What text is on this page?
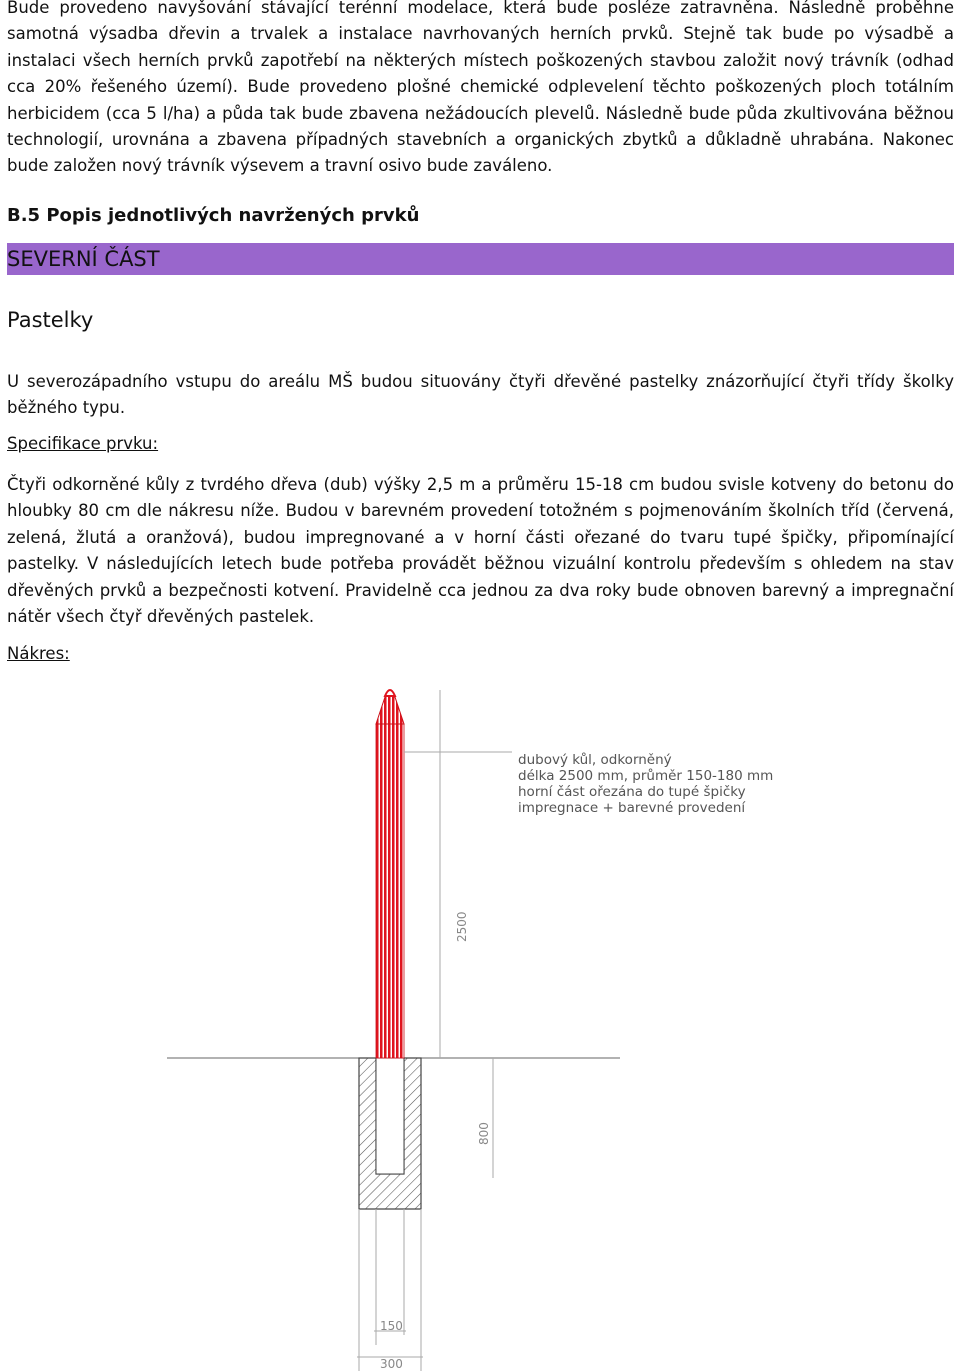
Bude provedeno navyšování stávající terénní modelace, která bude posléze zatravněna. Následně proběhne samotná výsadba dřevin a trvalek a instalace navrhovaných herních prvků. Stejně tak bude po výsadbě a instalaci všech herních prvků zapotřebí na některých místech poškozených stavbou založit nový trávník (odhad cca 20% řešeného území). Bude provedeno plošné chemické odplevelení těchto poškozených ploch totálním herbicidem (cca 5 l/ha) a půda tak bude zbavena nežádoucích plevelů. Následně bude půda zkultivována běžnou technologií, urovnána a zbavena případných stavebních a organických zbytků a důkladně uhrabána. Nakonec bude založen nový trávník výsevem a travní osivo bude zaváleno.

B.5 Popis jednotlivých navržených prvků
SEVERNÍ ČÁST
Pastelky

U severozápadního vstupu do areálu MŠ budou situovány čtyři dřevěné pastelky znázorňující čtyři třídy školky běžného typu.

Specifikace prvku:

Čtyři odkorněné kůly z tvrdého dřeva (dub) výšky 2,5 m a průměru 15-18 cm budou svisle kotveny do betonu do hloubky 80 cm dle nákresu níže. Budou v barevném provedení totožném s pojmenováním školních tříd (červená, zelená, žlutá a oranžová), budou impregnované a v horní části ořezané do tvaru tupé špičky, připomínající pastelky. V následujících letech bude potřeba provádět běžnou vizuální kontrolu především s ohledem na stav dřevěných prvků a bezpečnosti kotvení. Pravidelně cca jednou za dva roky bude obnoven barevný a impregnační nátěr všech čtyř dřevěných pastelek.

Nákres:
dubový kůl, odkorněný
délka 2500 mm, průměr 150-180 mm
horní část ořezána do tupé špičky
impregnace + barevné provedení
2500
800
150
300
